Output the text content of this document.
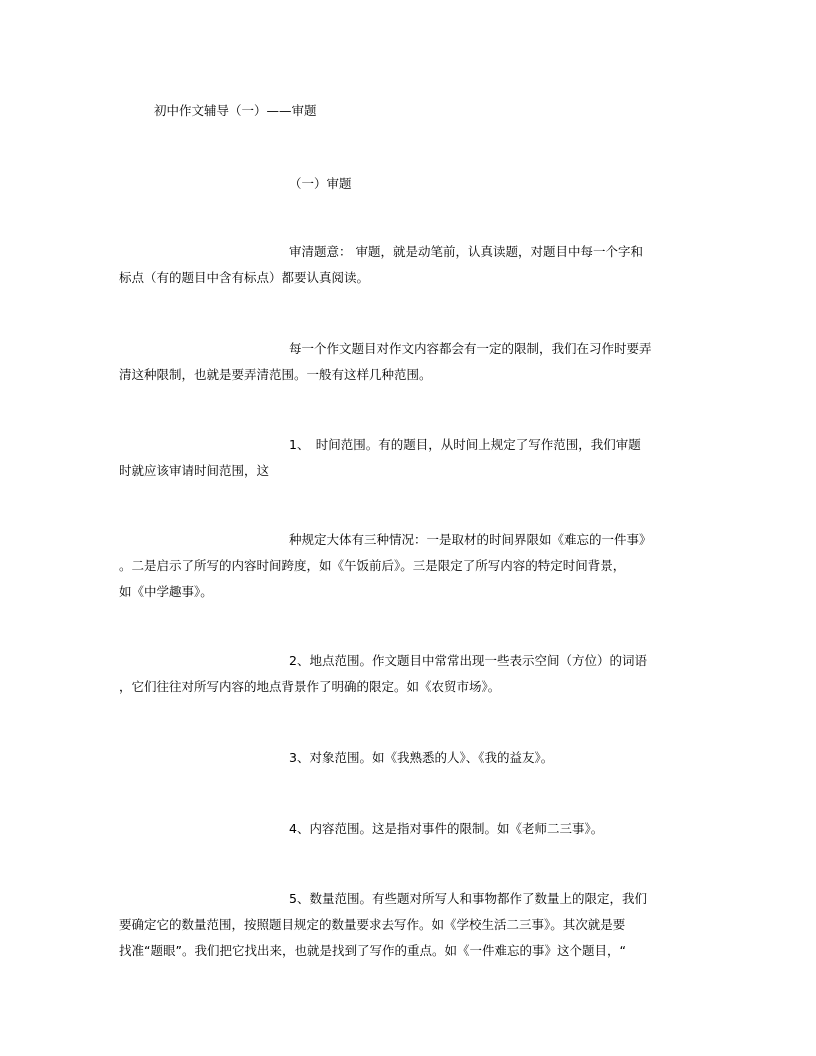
初中作文辅导（一）——审题
（一）审题
审清题意： 审题，就是动笔前，认真读题，对题目中每一个字和
标点（有的题目中含有标点）都要认真阅读。
每一个作文题目对作文内容都会有一定的限制，我们在习作时要弄
清这种限制，也就是要弄清范围。一般有这样几种范围。
1、　时间范围。有的题目，从时间上规定了写作范围，我们审题
时就应该审请时间范围，这
种规定大体有三种情况：一是取材的时间界限如《难忘的一件事》
。二是启示了所写的内容时间跨度，如《午饭前后》。三是限定了所写内容的特定时间背景，
如《中学趣事》。
2、地点范围。作文题目中常常出现一些表示空间（方位）的词语
，它们往往对所写内容的地点背景作了明确的限定。如《农贸市场》。
3、对象范围。如《我熟悉的人》、《我的益友》。
4、内容范围。这是指对事件的限制。如《老师二三事》。
5、数量范围。有些题对所写人和事物都作了数量上的限定，我们
要确定它的数量范围，按照题目规定的数量要求去写作。如《学校生活二三事》。其次就是要
找准“题眼”。我们把它找出来，也就是找到了写作的重点。如《一件难忘的事》这个题目，“
